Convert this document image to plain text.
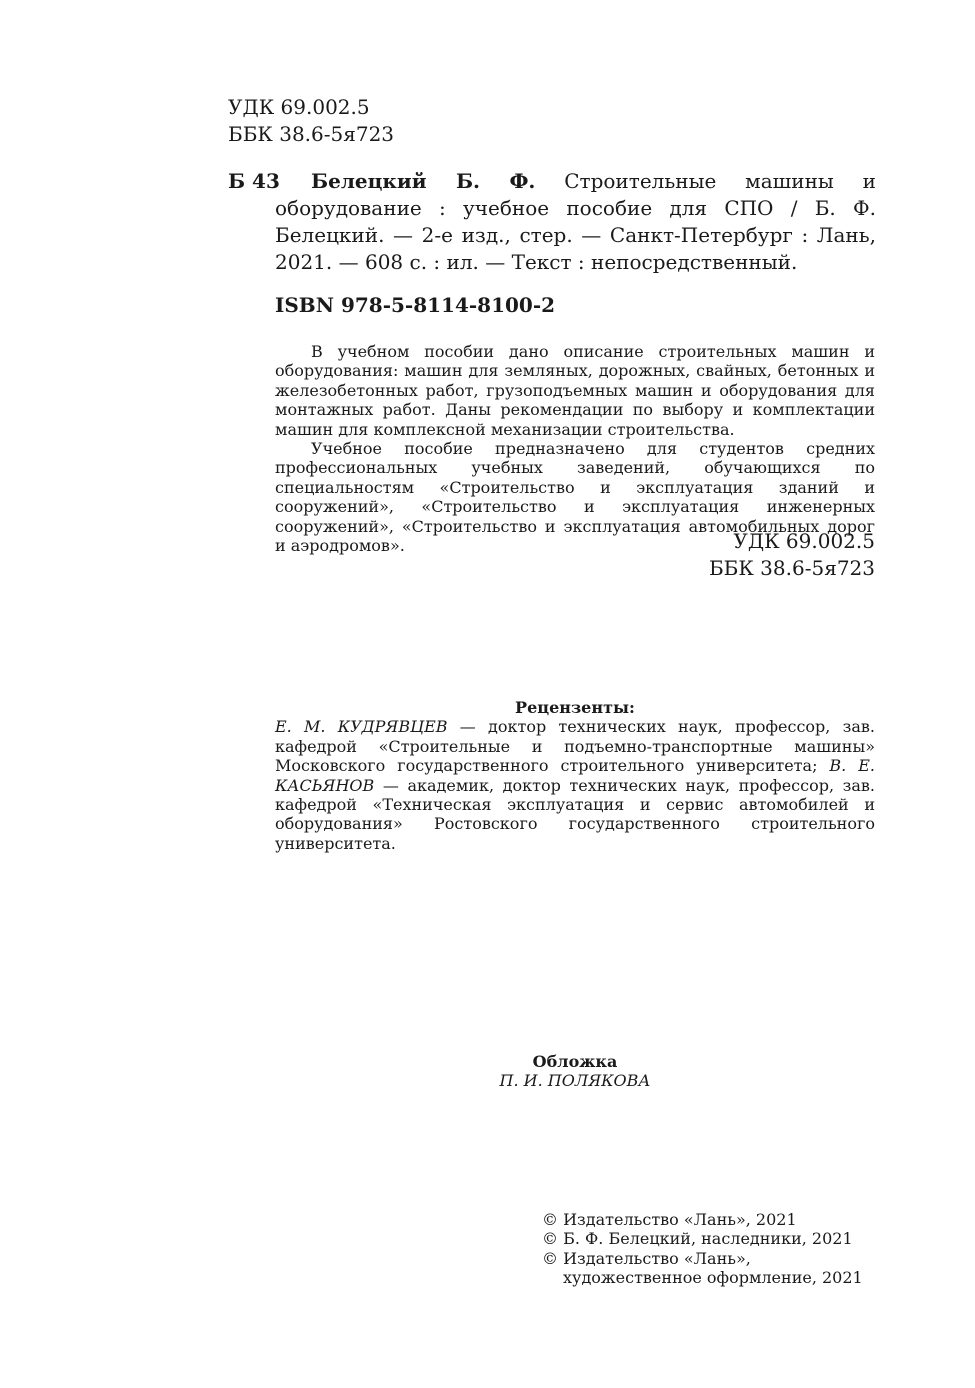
УДК 69.002.5
ББК 38.6-5я723
Б 43	Белецкий Б. Ф. Строительные машины и оборудование : учебное пособие для СПО / Б. Ф. Белецкий. — 2-е изд., стер. — Санкт-Петербург : Лань, 2021. — 608 с. : ил. — Текст : непосредственный.
ISBN 978-5-8114-8100-2

В учебном пособии дано описание строительных машин и оборудования: машин для земляных, дорожных, свайных, бетонных и железобетонных работ, грузоподъемных машин и оборудования для монтажных работ. Даны рекомендации по выбору и комплектации машин для комплексной механизации строительства.

Учебное пособие предназначено для студентов средних профессиональных учебных заведений, обучающихся по специальностям «Строительство и эксплуатация зданий и сооружений», «Строительство и эксплуатация инженерных сооружений», «Строительство и эксплуатация автомобильных дорог и аэродромов».	УДК 69.002.5
ББК 38.6-5я723
Рецензенты:
Е. М. КУДРЯВЦЕВ — доктор технических наук, профессор, зав. кафедрой «Строительные и подъемно-транспортные машины» Московского государственного строительного университета; В. Е. КАСЬЯНОВ — академик, доктор технических наук, профессор, зав. кафедрой «Техническая эксплуатация и сервис автомобилей и оборудования» Ростовского государственного строительного университета.
Обложка
П. И. ПОЛЯКОВА
© Издательство «Лань», 2021
© Б. Ф. Белецкий, наследники, 2021
© Издательство «Лань»,
художественное оформление, 2021
